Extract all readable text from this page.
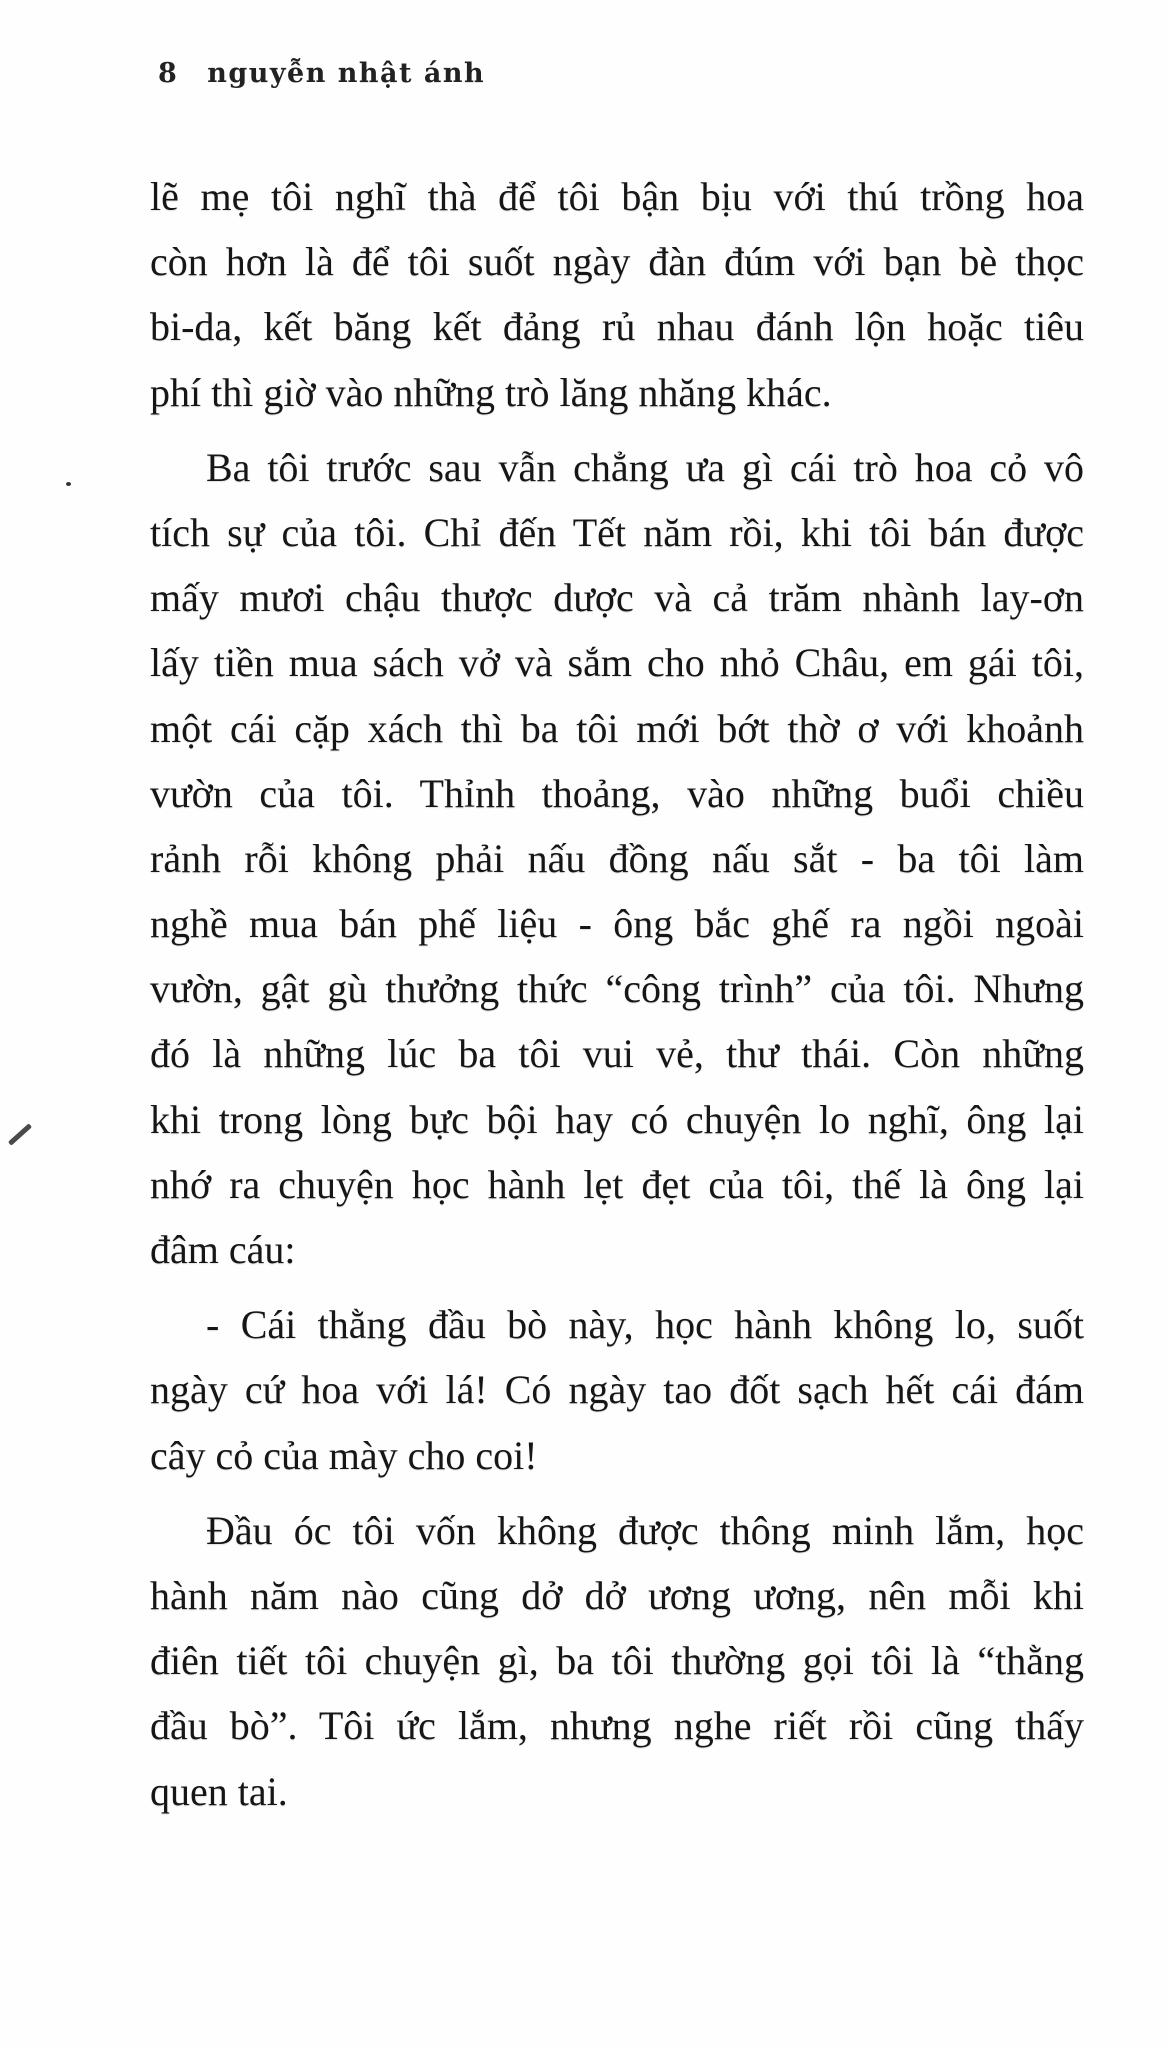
8 nguyễn nhật ánh
lẽ mẹ tôi nghĩ thà để tôi bận bịu với thú trồng hoa
còn hơn là để tôi suốt ngày đàn đúm với bạn bè thọc
bi-da, kết băng kết đảng rủ nhau đánh lộn hoặc tiêu
phí thì giờ vào những trò lăng nhăng khác.
Ba tôi trước sau vẫn chẳng ưa gì cái trò hoa cỏ vô
tích sự của tôi. Chỉ đến Tết năm rồi, khi tôi bán được
mấy mươi chậu thược dược và cả trăm nhành lay-ơn
lấy tiền mua sách vở và sắm cho nhỏ Châu, em gái tôi,
một cái cặp xách thì ba tôi mới bớt thờ ơ với khoảnh
vườn của tôi. Thỉnh thoảng, vào những buổi chiều
rảnh rỗi không phải nấu đồng nấu sắt - ba tôi làm
nghề mua bán phế liệu - ông bắc ghế ra ngồi ngoài
vườn, gật gù thưởng thức “công trình” của tôi. Nhưng
đó là những lúc ba tôi vui vẻ, thư thái. Còn những
khi trong lòng bực bội hay có chuyện lo nghĩ, ông lại
nhớ ra chuyện học hành lẹt đẹt của tôi, thế là ông lại
đâm cáu:
- Cái thằng đầu bò này, học hành không lo, suốt
ngày cứ hoa với lá! Có ngày tao đốt sạch hết cái đám
cây cỏ của mày cho coi!
Đầu óc tôi vốn không được thông minh lắm, học
hành năm nào cũng dở dở ương ương, nên mỗi khi
điên tiết tôi chuyện gì, ba tôi thường gọi tôi là “thằng
đầu bò”. Tôi ức lắm, nhưng nghe riết rồi cũng thấy
quen tai.
